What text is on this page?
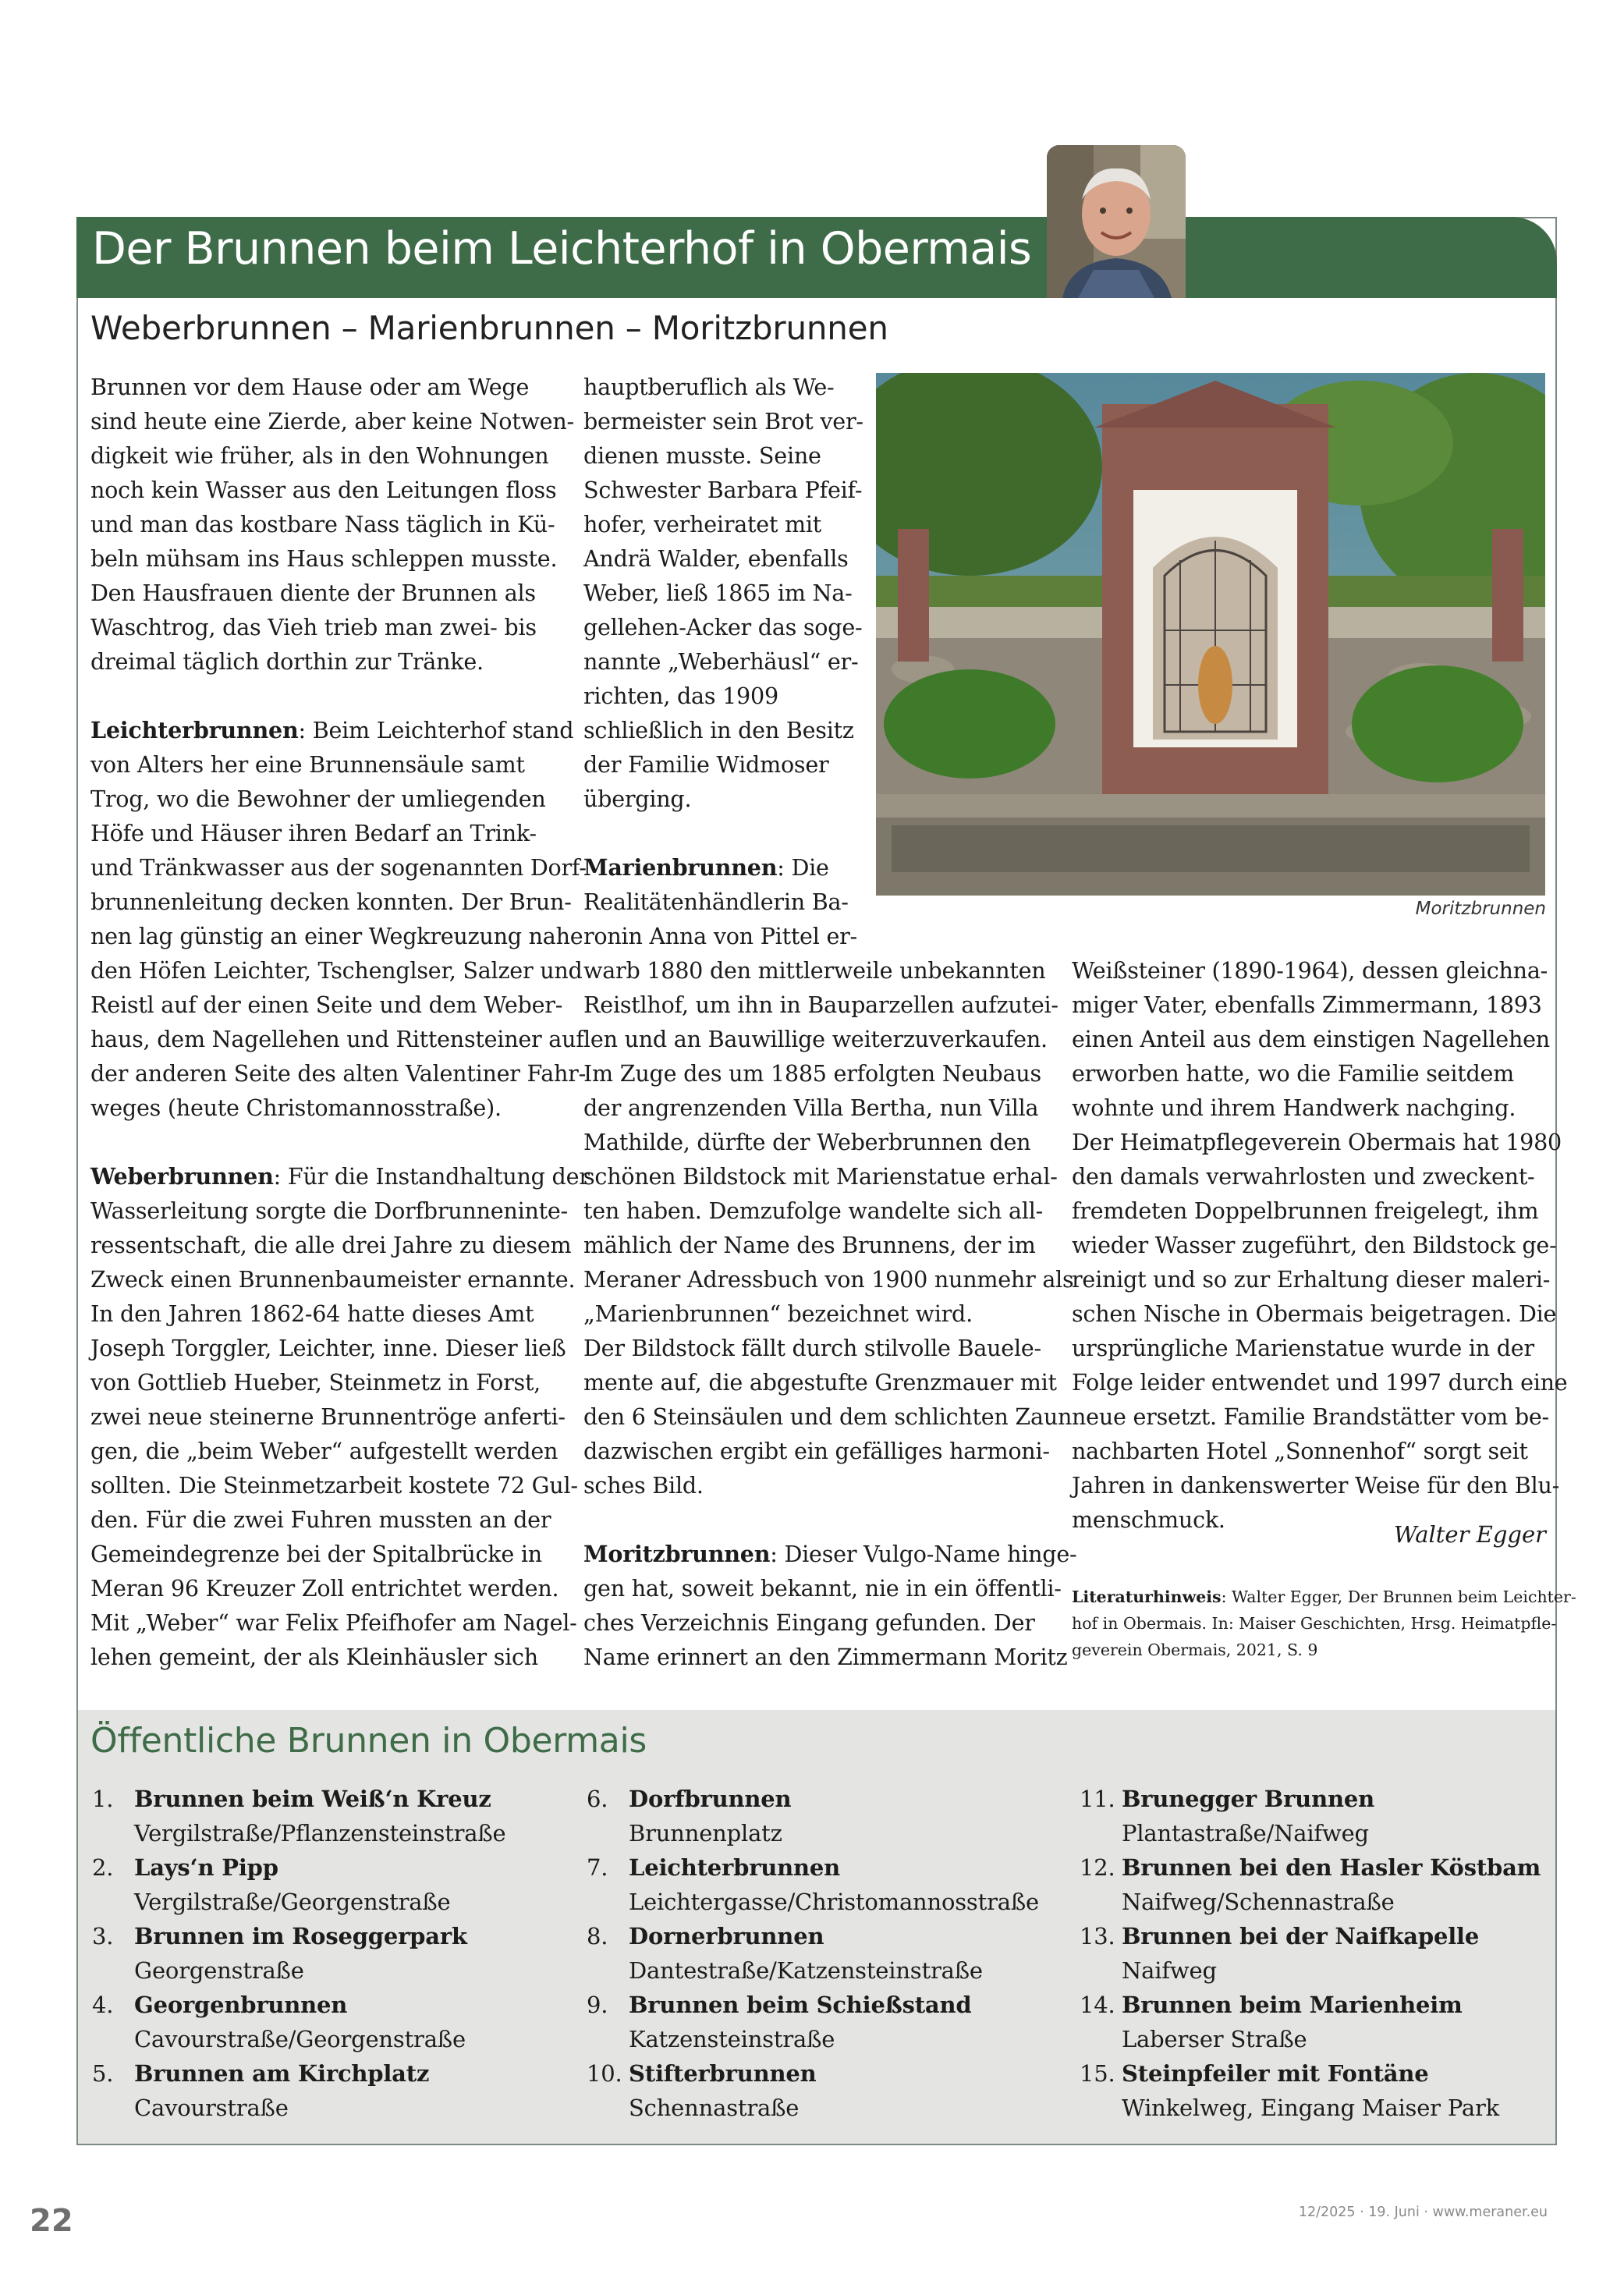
Der Brunnen beim Leichterhof in Obermais
Weberbrunnen – Marienbrunnen – Moritzbrunnen
Brunnen vor dem Hause oder am Wege
sind heute eine Zierde, aber keine Notwen-
digkeit wie früher, als in den Wohnungen
noch kein Wasser aus den Leitungen floss
und man das kostbare Nass täglich in Kü-
beln mühsam ins Haus schleppen musste.
Den Hausfrauen diente der Brunnen als
Waschtrog, das Vieh trieb man zwei- bis
dreimal täglich dorthin zur Tränke.
Leichterbrunnen: Beim Leichterhof stand
von Alters her eine Brunnensäule samt
Trog, wo die Bewohner der umliegenden
Höfe und Häuser ihren Bedarf an Trink-
und Tränkwasser aus der sogenannten Dorf-
brunnenleitung decken konnten. Der Brun-
nen lag günstig an einer Wegkreuzung nahe
den Höfen Leichter, Tschenglser, Salzer und
Reistl auf der einen Seite und dem Weber-
haus, dem Nagellehen und Rittensteiner auf
der anderen Seite des alten Valentiner Fahr-
weges (heute Christomannosstraße).
Weberbrunnen: Für die Instandhaltung der
Wasserleitung sorgte die Dorfbrunneninte-
ressentschaft, die alle drei Jahre zu diesem
Zweck einen Brunnenbaumeister ernannte.
In den Jahren 1862-64 hatte dieses Amt
Joseph Torggler, Leichter, inne. Dieser ließ
von Gottlieb Hueber, Steinmetz in Forst,
zwei neue steinerne Brunnentröge anferti-
gen, die „beim Weber“ aufgestellt werden
sollten. Die Steinmetzarbeit kostete 72 Gul-
den. Für die zwei Fuhren mussten an der
Gemeindegrenze bei der Spitalbrücke in
Meran 96 Kreuzer Zoll entrichtet werden.
Mit „Weber“ war Felix Pfeifhofer am Nagel-
lehen gemeint, der als Kleinhäusler sich
hauptberuflich als We-
bermeister sein Brot ver-
dienen musste. Seine
Schwester Barbara Pfeif-
hofer, verheiratet mit
Andrä Walder, ebenfalls
Weber, ließ 1865 im Na-
gellehen-Acker das soge-
nannte „Weberhäusl“ er-
richten, das 1909
schließlich in den Besitz
der Familie Widmoser
überging.
Marienbrunnen: Die
Realitätenhändlerin Ba-
ronin Anna von Pittel er-
warb 1880 den mittlerweile unbekannten
Reistlhof, um ihn in Bauparzellen aufzutei-
len und an Bauwillige weiterzuverkaufen.
Im Zuge des um 1885 erfolgten Neubaus
der angrenzenden Villa Bertha, nun Villa
Mathilde, dürfte der Weberbrunnen den
schönen Bildstock mit Marienstatue erhal-
ten haben. Demzufolge wandelte sich all-
mählich der Name des Brunnens, der im
Meraner Adressbuch von 1900 nunmehr als
„Marienbrunnen“ bezeichnet wird.
Der Bildstock fällt durch stilvolle Bauele-
mente auf, die abgestufte Grenzmauer mit
den 6 Steinsäulen und dem schlichten Zaun
dazwischen ergibt ein gefälliges harmoni-
sches Bild.
Moritzbrunnen: Dieser Vulgo-Name hinge-
gen hat, soweit bekannt, nie in ein öffentli-
ches Verzeichnis Eingang gefunden. Der
Name erinnert an den Zimmermann Moritz
Weißsteiner (1890-1964), dessen gleichna-
miger Vater, ebenfalls Zimmermann, 1893
einen Anteil aus dem einstigen Nagellehen
erworben hatte, wo die Familie seitdem
wohnte und ihrem Handwerk nachging.
Der Heimatpflegeverein Obermais hat 1980
den damals verwahrlosten und zweckent-
fremdeten Doppelbrunnen freigelegt, ihm
wieder Wasser zugeführt, den Bildstock ge-
reinigt und so zur Erhaltung dieser maleri-
schen Nische in Obermais beigetragen. Die
ursprüngliche Marienstatue wurde in der
Folge leider entwendet und 1997 durch eine
neue ersetzt. Familie Brandstätter vom be-
nachbarten Hotel „Sonnenhof“ sorgt seit
Jahren in dankenswerter Weise für den Blu-
menschmuck.
Moritzbrunnen
Walter Egger
Literaturhinweis: Walter Egger, Der Brunnen beim Leichter-
hof in Obermais. In: Maiser Geschichten, Hrsg. Heimatpfle-
geverein Obermais, 2021, S. 9
Öffentliche Brunnen in Obermais
1. Brunnen beim Weiß‘n Kreuz
Vergilstraße/Pflanzensteinstraße
2. Lays‘n Pipp
Vergilstraße/Georgenstraße
3. Brunnen im Roseggerpark
Georgenstraße
4. Georgenbrunnen
Cavourstraße/Georgenstraße
5. Brunnen am Kirchplatz
Cavourstraße
6. Dorfbrunnen
Brunnenplatz
7. Leichterbrunnen
Leichtergasse/Christomannosstraße
8. Dornerbrunnen
Dantestraße/Katzensteinstraße
9. Brunnen beim Schießstand
Katzensteinstraße
10. Stifterbrunnen
Schennastraße
11. Brunegger Brunnen
Plantastraße/Naifweg
12. Brunnen bei den Hasler Köstbam
Naifweg/Schennastraße
13. Brunnen bei der Naifkapelle
Naifweg
14. Brunnen beim Marienheim
Laberser Straße
15. Steinpfeiler mit Fontäne
Winkelweg, Eingang Maiser Park
22	12/2025 · 19. Juni · www.meraner.eu
